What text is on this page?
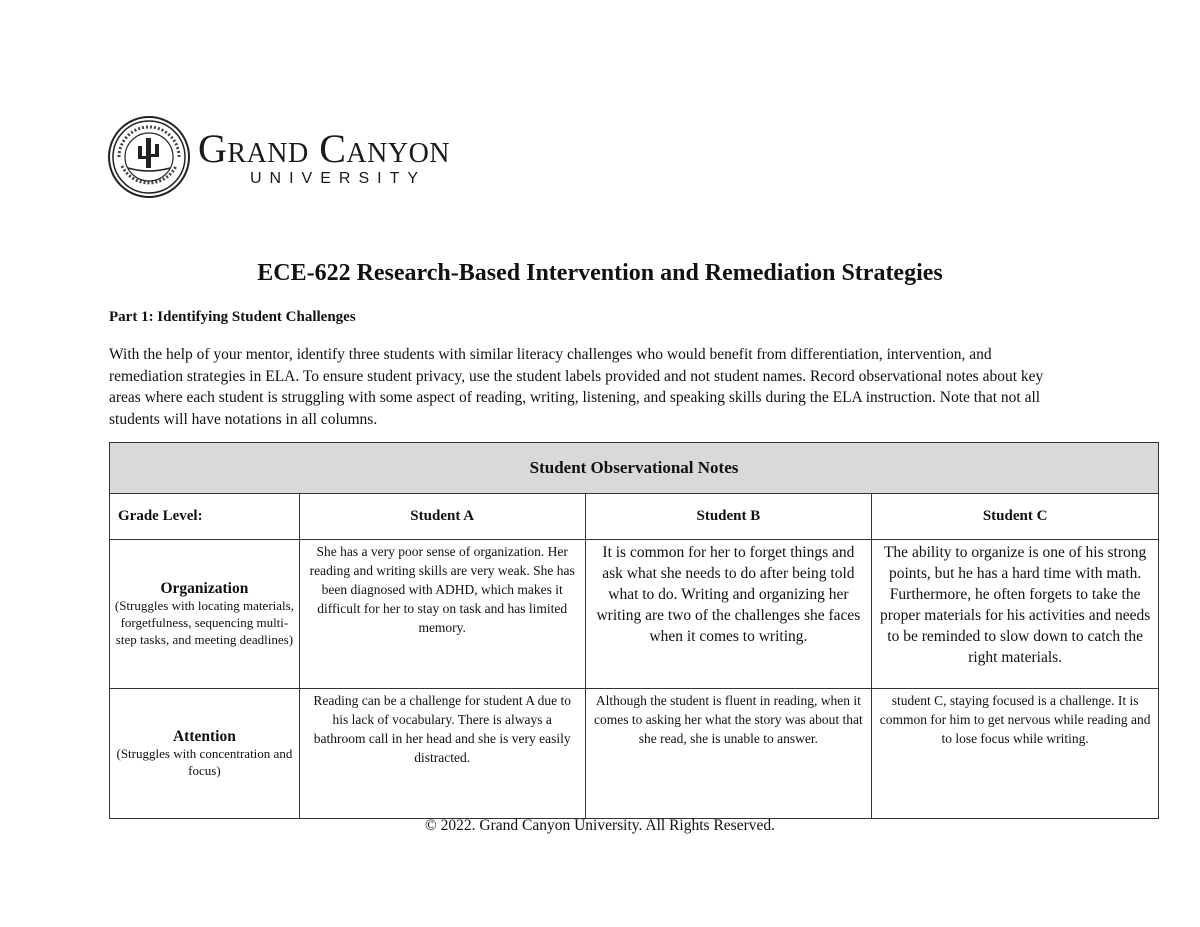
Grand Canyon
UNIVERSITY
ECE-622 Research-Based Intervention and Remediation Strategies
Part 1: Identifying Student Challenges
With the help of your mentor, identify three students with similar literacy challenges who would benefit from differentiation, intervention, and remediation strategies in ELA. To ensure student privacy, use the student labels provided and not student names. Record observational notes about key areas where each student is struggling with some aspect of reading, writing, listening, and speaking skills during the ELA instruction. Note that not all students will have notations in all columns.
Student Observational Notes			
Grade Level:	Student A	Student B	Student C

Organization
(Struggles with locating materials, forgetfulness, sequencing multi-step tasks, and meeting deadlines)	She has a very poor sense of organization. Her reading and writing skills are very weak. She has been diagnosed with ADHD, which makes it difficult for her to stay on task and has limited memory.	It is common for her to forget things and ask what she needs to do after being told what to do. Writing and organizing her writing are two of the challenges she faces when it comes to writing.	The ability to organize is one of his strong points, but he has a hard time with math. Furthermore, he often forgets to take the proper materials for his activities and needs to be reminded to slow down to catch the right materials.

Attention
(Struggles with concentration and focus)	Reading can be a challenge for student A due to his lack of vocabulary. There is always a bathroom call in her head and she is very easily distracted.	Although the student is fluent in reading, when it comes to asking her what the story was about that she read, she is unable to answer.	student C, staying focused is a challenge. It is common for him to get nervous while reading and to lose focus while writing.
© 2022. Grand Canyon University. All Rights Reserved.
